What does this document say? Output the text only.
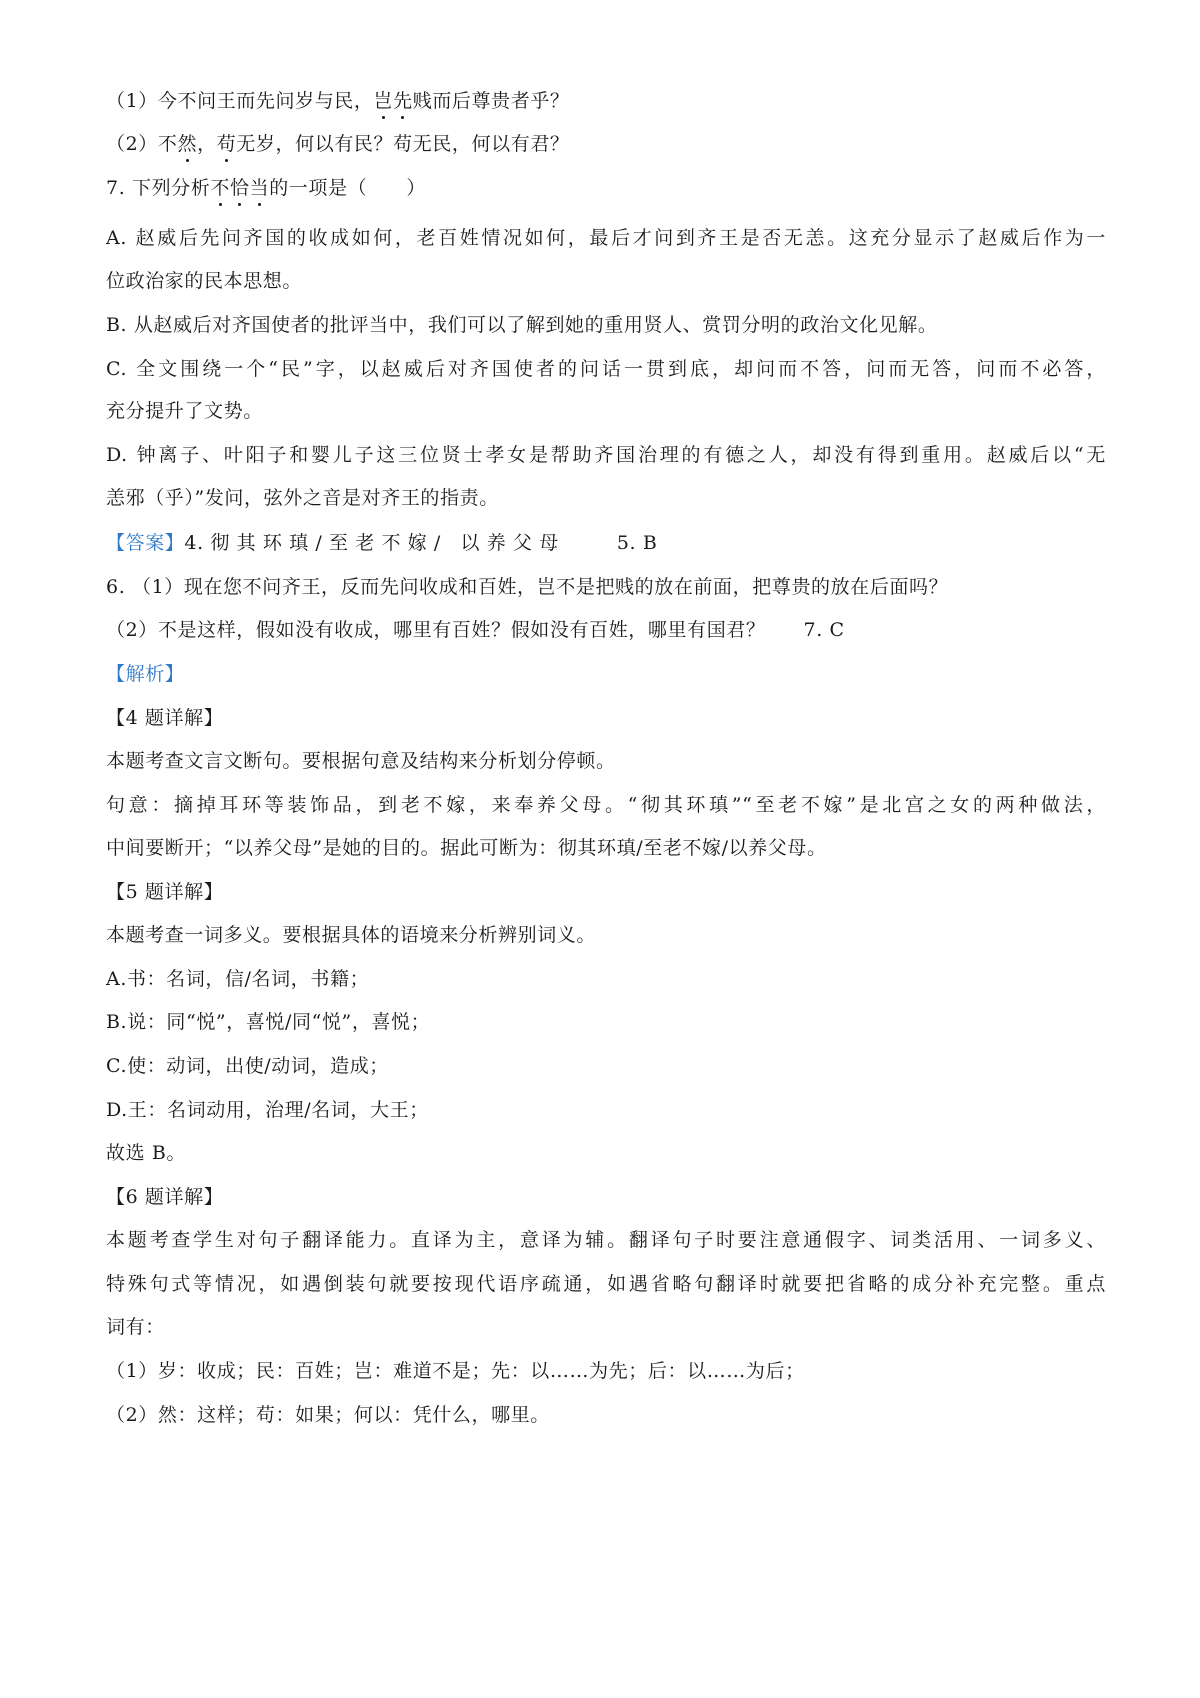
（1）今不问王而先问岁与民，岂先贱而后尊贵者乎？
（2）不然，苟无岁，何以有民？苟无民，何以有君？
7. 下列分析不恰当的一项是（　　）
A. 赵威后先问齐国的收成如何，老百姓情况如何，最后才问到齐王是否无恙。这充分显示了赵威后作为一
位政治家的民本思想。
B. 从赵威后对齐国使者的批评当中，我们可以了解到她的重用贤人、赏罚分明的政治文化见解。
C. 全文围绕一个“民”字，以赵威后对齐国使者的问话一贯到底，却问而不答，问而无答，问而不必答，
充分提升了文势。
D. 钟离子、叶阳子和婴儿子这三位贤士孝女是帮助齐国治理的有德之人，却没有得到重用。赵威后以“无
恙邪（乎）”发问，弦外之音是对齐王的指责。
【答案】4. 彻 其 环 瑱 / 至 老 不 嫁 /　以 养 父 母	5. B
6. （1）现在您不问齐王，反而先问收成和百姓，岂不是把贱的放在前面，把尊贵的放在后面吗？
（2）不是这样，假如没有收成，哪里有百姓？假如没有百姓，哪里有国君？ 7. C
【解析】
【4 题详解】
本题考查文言文断句。要根据句意及结构来分析划分停顿。
句意：摘掉耳环等装饰品，到老不嫁，来奉养父母。“彻其环瑱”“至老不嫁”是北宫之女的两种做法，
中间要断开；“以养父母”是她的目的。据此可断为：彻其环瑱/至老不嫁/以养父母。
【5 题详解】
本题考查一词多义。要根据具体的语境来分析辨别词义。
A.书：名词，信/名词，书籍；
B.说：同“悦”，喜悦/同“悦”，喜悦；
C.使：动词，出使/动词，造成；
D.王：名词动用，治理/名词，大王；
故选 B。
【6 题详解】
本题考查学生对句子翻译能力。直译为主，意译为辅。翻译句子时要注意通假字、词类活用、一词多义、
特殊句式等情况，如遇倒装句就要按现代语序疏通，如遇省略句翻译时就要把省略的成分补充完整。重点
词有：
（1）岁：收成；民：百姓；岂：难道不是；先：以……为先；后：以……为后；
（2）然：这样；苟：如果；何以：凭什么，哪里。
